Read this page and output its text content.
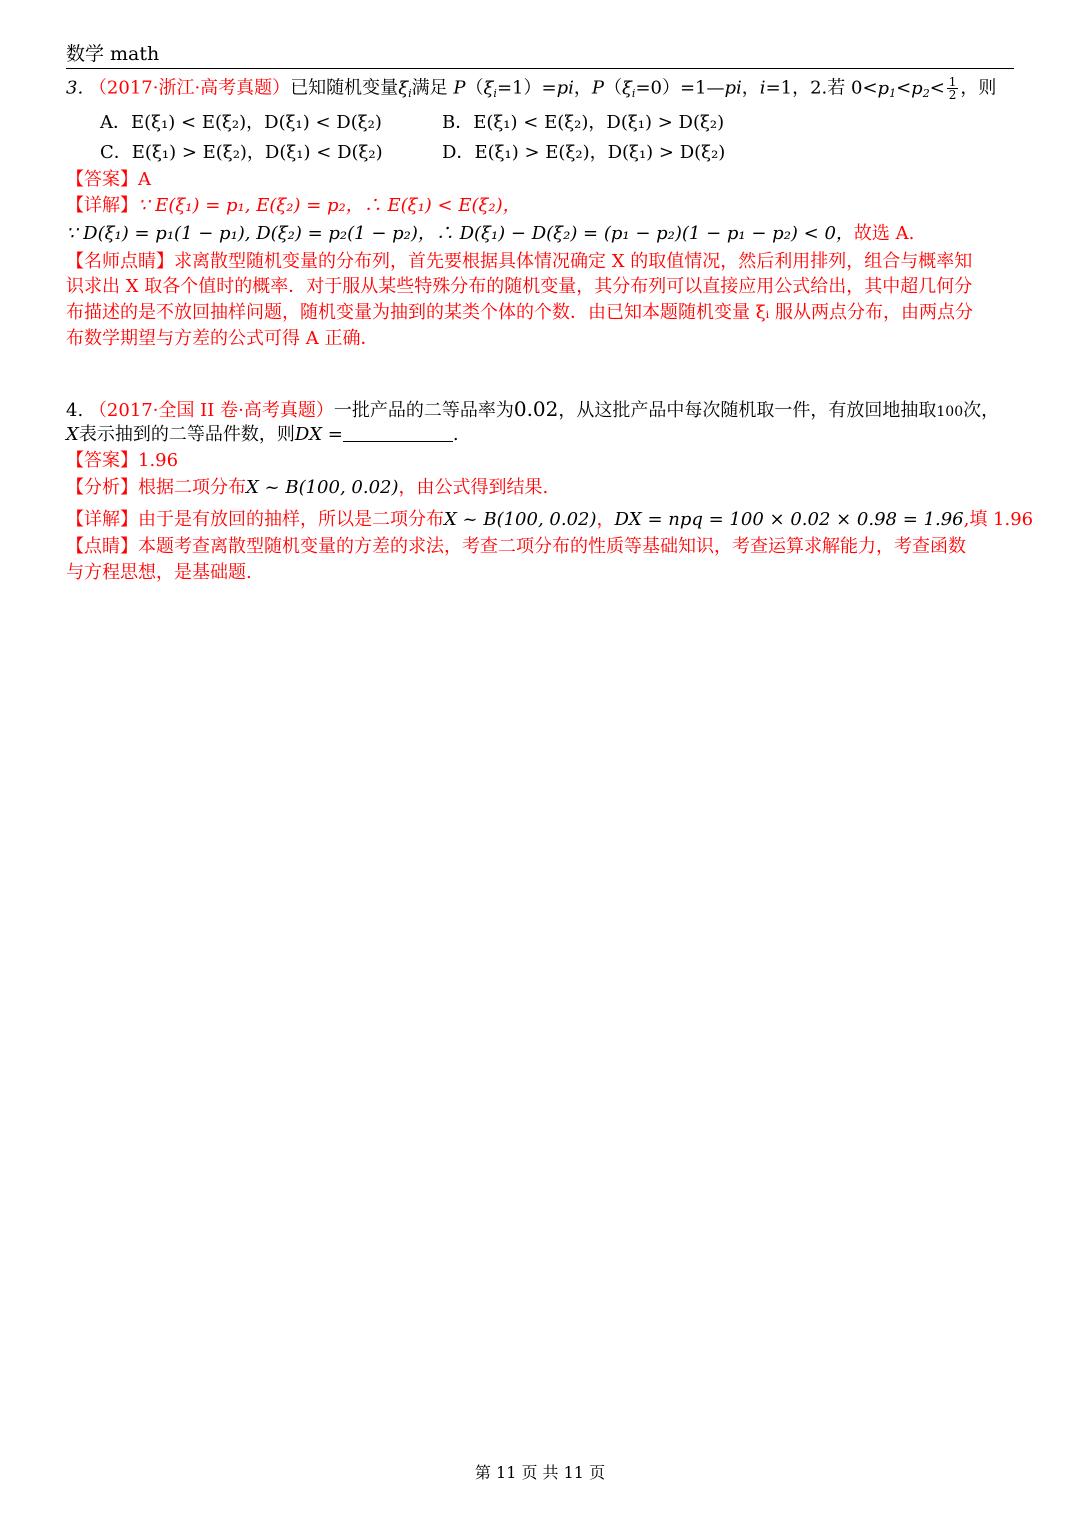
数学 math
3. （2017·浙江·高考真题）已知随机变量$\xi_i$满足 $P(\xi_i=1)=pi$，$P(\xi_i=0)=1—pi$，i=1，2.若 $0<p_1<p_2< \frac{1}{2}$ ，则
A．E(ξ₁) < E(ξ₂)，D(ξ₁) < D(ξ₂)	B．E(ξ₁) < E(ξ₂)，D(ξ₁) > D(ξ₂)
C．E(ξ₁) > E(ξ₂)，D(ξ₁) < D(ξ₂)	D．E(ξ₁) > E(ξ₂)，D(ξ₁) > D(ξ₂)
【答案】A
【详解】∵ E(ξ₁) = p₁, E(ξ₂) = p₂，∴ E(ξ₁) < E(ξ₂)，
∵ D(ξ₁) = p₁(1 − p₁), D(ξ₂) = p₂(1 − p₂)，∴ D(ξ₁) − D(ξ₂) = (p₁ − p₂)(1 − p₁ − p₂) < 0，故选 A.
【名师点睛】求离散型随机变量的分布列，首先要根据具体情况确定 X 的取值情况，然后利用排列，组合与概率知
识求出 X 取各个值时的概率．对于服从某些特殊分布的随机变量，其分布列可以直接应用公式给出，其中超几何分
布描述的是不放回抽样问题，随机变量为抽到的某类个体的个数．由已知本题随机变量 ξᵢ 服从两点分布，由两点分
布数学期望与方差的公式可得 A 正确．
4. （2017·全国 II 卷·高考真题）一批产品的二等品率为0.02，从这批产品中每次随机取一件，有放回地抽取100次，
X表示抽到的二等品件数，则DX =	.
【答案】1.96
【分析】根据二项分布X ~ B(100, 0.02)，由公式得到结果.
【详解】由于是有放回的抽样，所以是二项分布X ~ B(100, 0.02)，DX = npq = 100 × 0.02 × 0.98 = 1.96,填 1.96
【点睛】本题考查离散型随机变量的方差的求法，考查二项分布的性质等基础知识，考查运算求解能力，考查函数
与方程思想，是基础题.
第 11 页 共 11 页
